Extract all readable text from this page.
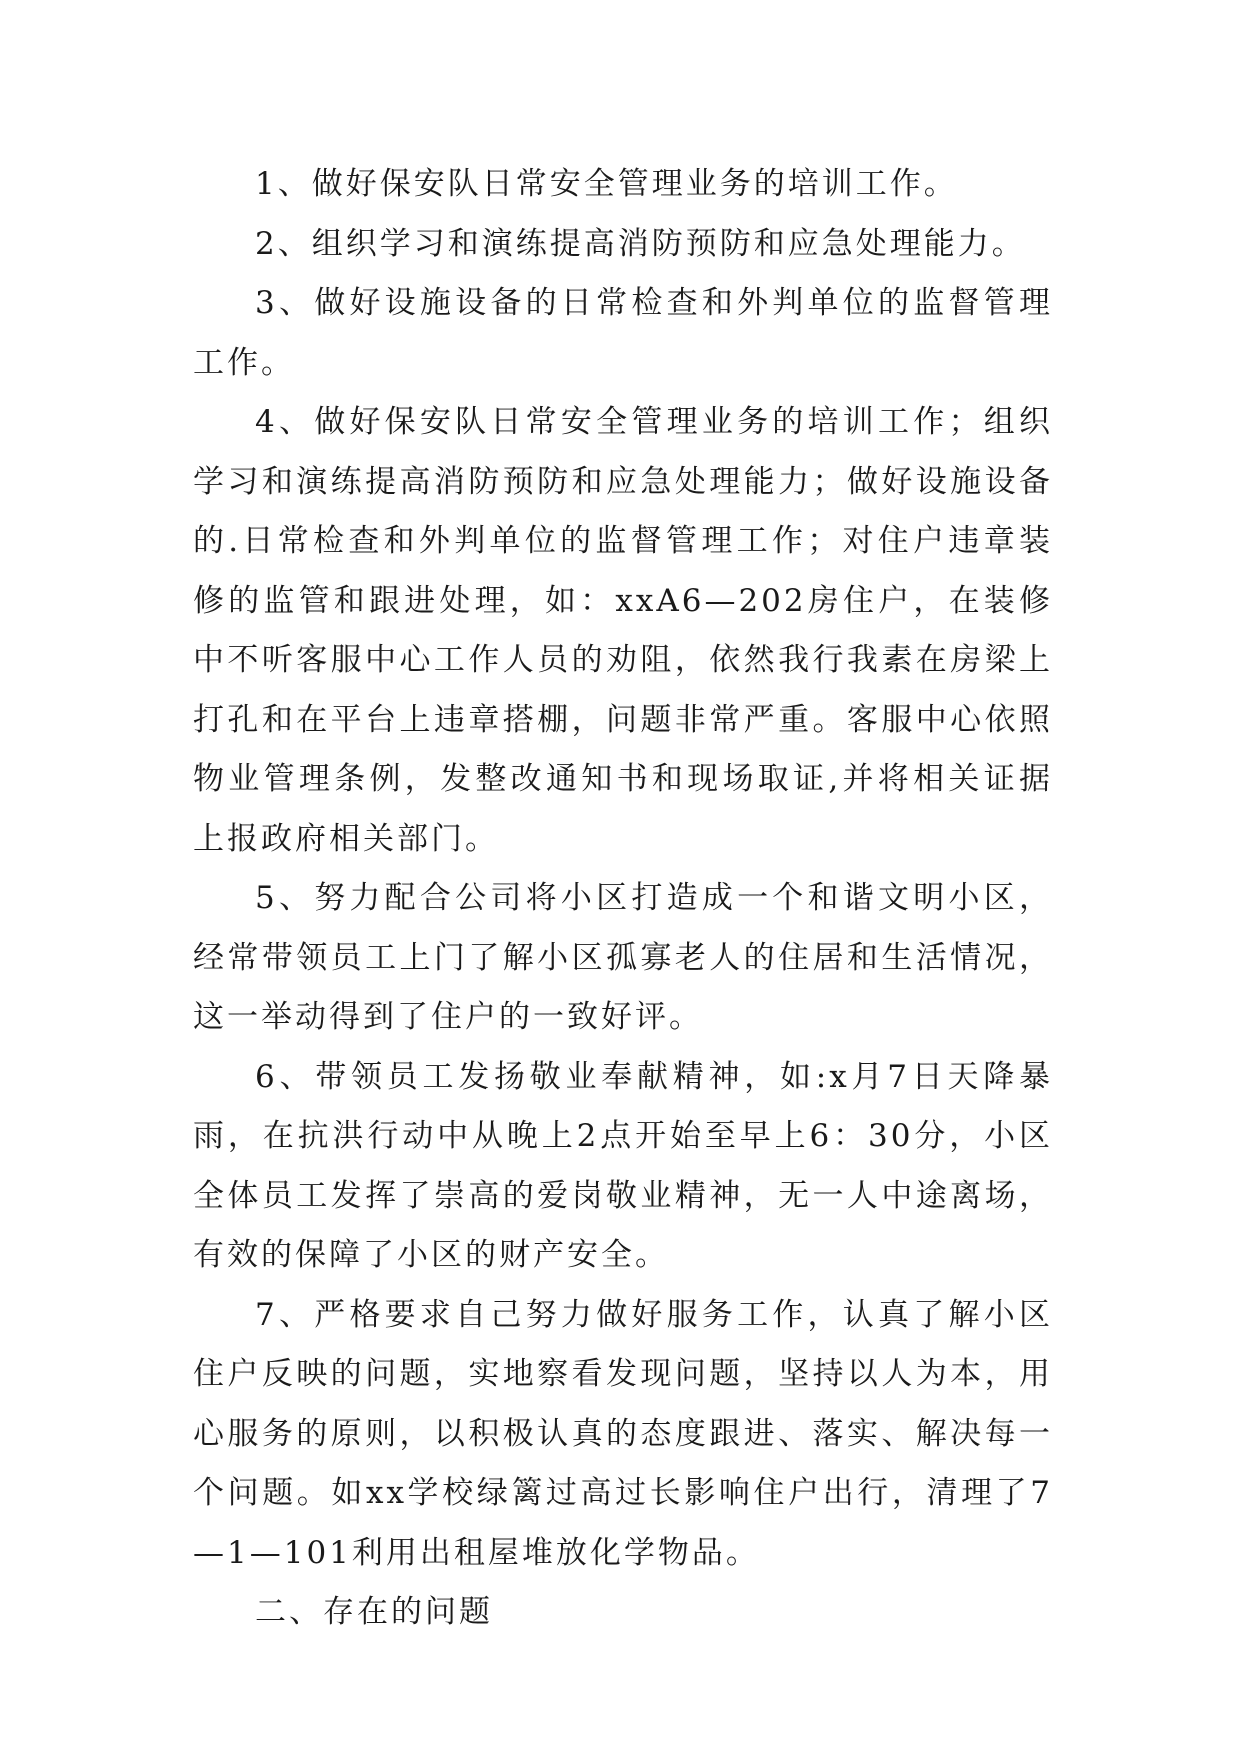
1、做好保安队日常安全管理业务的培训工作。

2、组织学习和演练提高消防预防和应急处理能力。

3、做好设施设备的日常检查和外判单位的监督管理工作。

4、做好保安队日常安全管理业务的培训工作；组织学习和演练提高消防预防和应急处理能力；做好设施设备的.日常检查和外判单位的监督管理工作；对住户违章装修的监管和跟进处理，如：xxA6—202房住户，在装修中不听客服中心工作人员的劝阻，依然我行我素在房梁上打孔和在平台上违章搭棚，问题非常严重。客服中心依照物业管理条例，发整改通知书和现场取证,并将相关证据上报政府相关部门。

5、努力配合公司将小区打造成一个和谐文明小区，经常带领员工上门了解小区孤寡老人的住居和生活情况，这一举动得到了住户的一致好评。

6、带领员工发扬敬业奉献精神，如:x月7日天降暴雨，在抗洪行动中从晚上2点开始至早上6：30分，小区全体员工发挥了崇高的爱岗敬业精神，无一人中途离场，有效的保障了小区的财产安全。

7、严格要求自己努力做好服务工作，认真了解小区住户反映的问题，实地察看发现问题，坚持以人为本，用心服务的原则，以积极认真的态度跟进、落实、解决每一个问题。如xx学校绿篱过高过长影响住户出行，清理了7—1—101利用出租屋堆放化学物品。

二、存在的问题
